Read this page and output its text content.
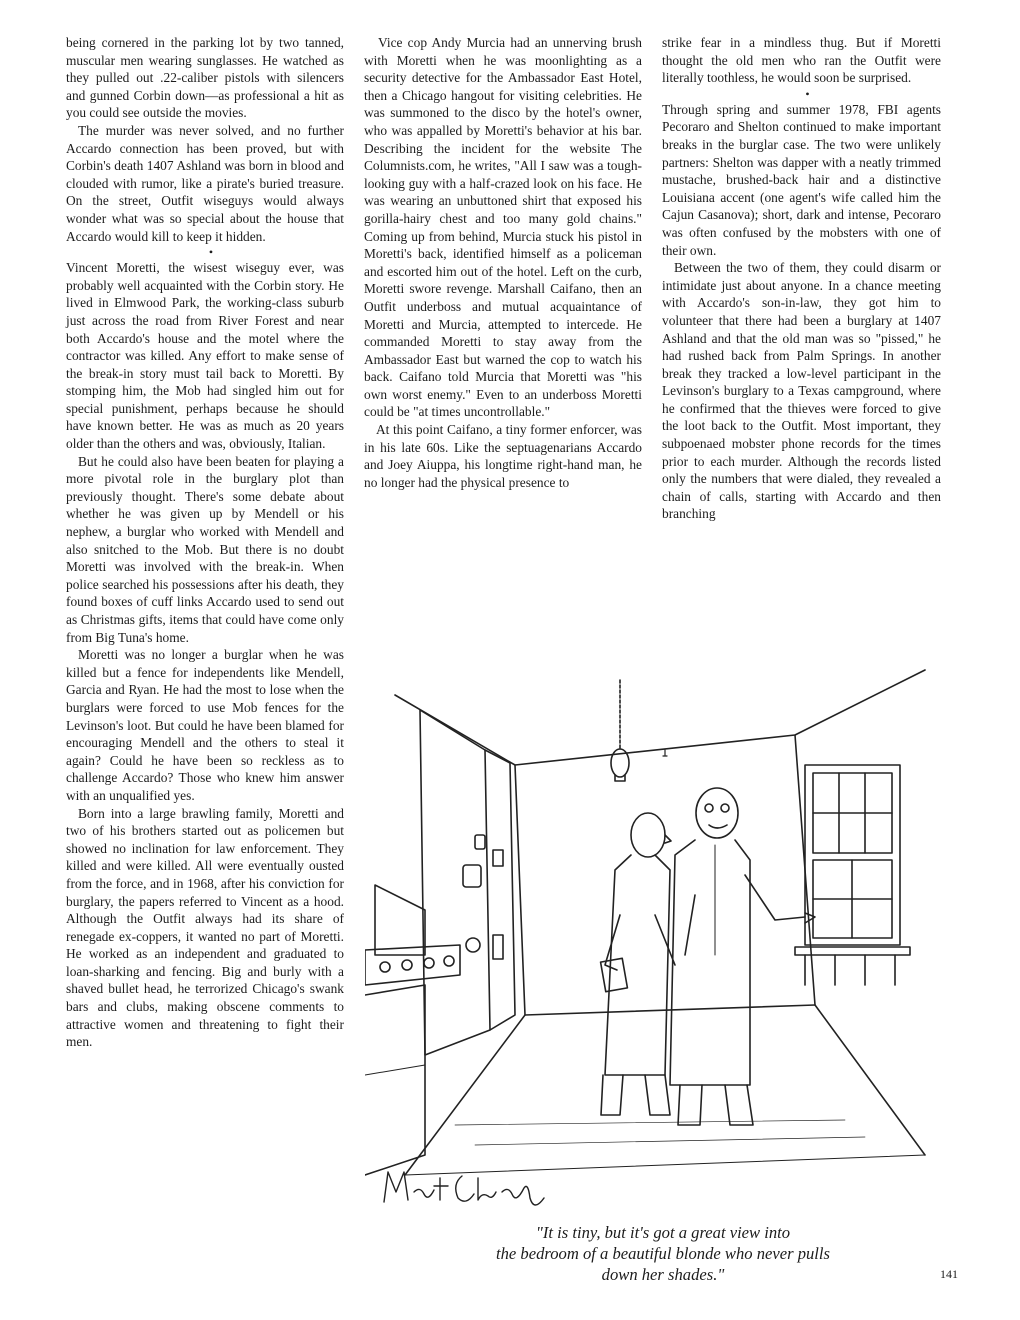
being cornered in the parking lot by two tanned, muscular men wearing sunglasses. He watched as they pulled out .22-caliber pistols with silencers and gunned Corbin down—as professional a hit as you could see outside the movies.

The murder was never solved, and no further Accardo connection has been proved, but with Corbin's death 1407 Ashland was born in blood and clouded with rumor, like a pirate's buried treasure. On the street, Outfit wiseguys would always wonder what was so special about the house that Accardo would kill to keep it hidden.

•

Vincent Moretti, the wisest wiseguy ever, was probably well acquainted with the Corbin story. He lived in Elmwood Park, the working-class suburb just across the road from River Forest and near both Accardo's house and the motel where the contractor was killed. Any effort to make sense of the break-in story must tail back to Moretti. By stomping him, the Mob had singled him out for special punishment, perhaps because he should have known better. He was as much as 20 years older than the others and was, obviously, Italian.

But he could also have been beaten for playing a more pivotal role in the burglary plot than previously thought. There's some debate about whether he was given up by Mendell or his nephew, a burglar who worked with Mendell and also snitched to the Mob. But there is no doubt Moretti was involved with the break-in. When police searched his possessions after his death, they found boxes of cuff links Accardo used to send out as Christmas gifts, items that could have come only from Big Tuna's home.

Moretti was no longer a burglar when he was killed but a fence for independents like Mendell, Garcia and Ryan. He had the most to lose when the burglars were forced to use Mob fences for the Levinson's loot. But could he have been blamed for encouraging Mendell and the others to steal it again? Could he have been so reckless as to challenge Accardo? Those who knew him answer with an unqualified yes.

Born into a large brawling family, Moretti and two of his brothers started out as policemen but showed no inclination for law enforcement. They killed and were killed. All were eventually ousted from the force, and in 1968, after his conviction for burglary, the papers referred to Vincent as a hood. Although the Outfit always had its share of renegade ex-coppers, it wanted no part of Moretti. He worked as an independent and graduated to loan-sharking and fencing. Big and burly with a shaved bullet head, he terrorized Chicago's swank bars and clubs, making obscene comments to attractive women and threatening to fight their men.

Vice cop Andy Murcia had an unnerving brush with Moretti when he was moonlighting as a security detective for the Ambassador East Hotel, then a Chicago hangout for visiting celebrities. He was summoned to the disco by the hotel's owner, who was appalled by Moretti's behavior at his bar. Describing the incident for the website The Columnists.com, he writes, "All I saw was a tough-looking guy with a half-crazed look on his face. He was wearing an unbuttoned shirt that exposed his gorilla-hairy chest and too many gold chains." Coming up from behind, Murcia stuck his pistol in Moretti's back, identified himself as a policeman and escorted him out of the hotel. Left on the curb, Moretti swore revenge. Marshall Caifano, then an Outfit underboss and mutual acquaintance of Moretti and Murcia, attempted to intercede. He commanded Moretti to stay away from the Ambassador East but warned the cop to watch his back. Caifano told Murcia that Moretti was "his own worst enemy." Even to an underboss Moretti could be "at times uncontrollable."

At this point Caifano, a tiny former enforcer, was in his late 60s. Like the septuagenarians Accardo and Joey Aiuppa, his longtime right-hand man, he no longer had the physical presence to

strike fear in a mindless thug. But if Moretti thought the old men who ran the Outfit were literally toothless, he would soon be surprised.

•

Through spring and summer 1978, FBI agents Pecoraro and Shelton continued to make important breaks in the burglar case. The two were unlikely partners: Shelton was dapper with a neatly trimmed mustache, brushed-back hair and a distinctive Louisiana accent (one agent's wife called him the Cajun Casanova); short, dark and intense, Pecoraro was often confused by the mobsters with one of their own.

Between the two of them, they could disarm or intimidate just about anyone. In a chance meeting with Accardo's son-in-law, they got him to volunteer that there had been a burglary at 1407 Ashland and that the old man was so "pissed," he had rushed back from Palm Springs. In another break they tracked a low-level participant in the Levinson's burglary to a Texas campground, where he confirmed that the thieves were forced to give the loot back to the Outfit. Most important, they subpoenaed mobster phone records for the times prior to each murder. Although the records listed only the numbers that were dialed, they revealed a chain of calls, starting with Accardo and then branching

"It is tiny, but it's got a great view into
the bedroom of a beautiful blonde who never pulls
down her shades."	141
